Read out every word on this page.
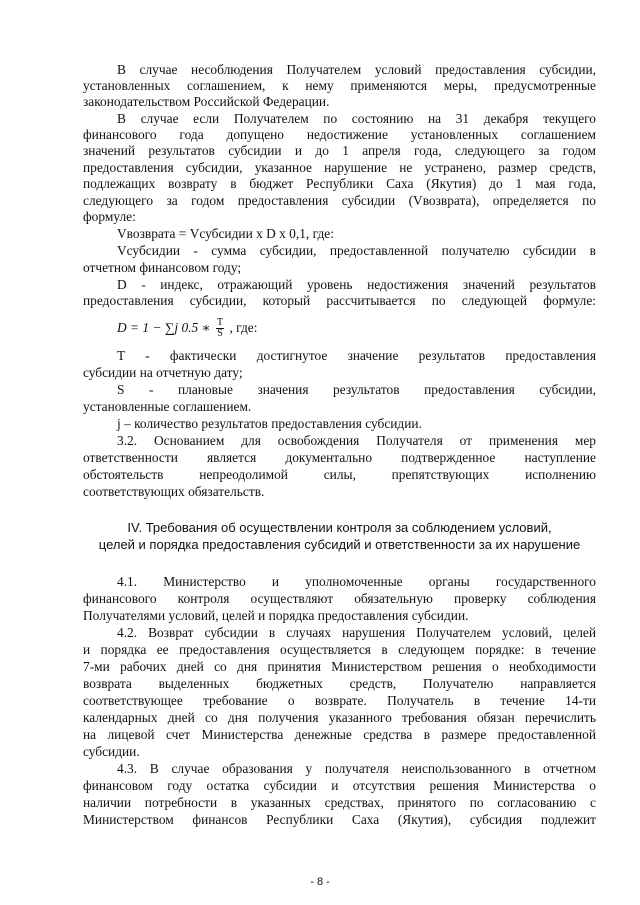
В случае несоблюдения Получателем условий предоставления субсидии,
установленных соглашением, к нему применяются меры, предусмотренные
законодательством Российской Федерации.
В случае если Получателем по состоянию на 31 декабря текущего
финансового года допущено недостижение установленных соглашением
значений результатов субсидии и до 1 апреля года, следующего за годом
предоставления субсидии, указанное нарушение не устранено, размер средств,
подлежащих возврату в бюджет Республики Саха (Якутия) до 1 мая года,
следующего за годом предоставления субсидии (Vвозврата), определяется по
формуле:
Vвозврата = Vсубсидии x D x 0,1, где:
Vсубсидии - сумма субсидии, предоставленной получателю субсидии в
отчетном финансовом году;
D - индекс, отражающий уровень недостижения значений результатов
предоставления субсидии, который рассчитывается по следующей формуле:
D = 1 − ∑j 0.5 ∗ $\frac{T}{S}$ , где:
T - фактически достигнутое значение результатов предоставления
субсидии на отчетную дату;
S - плановые значения результатов предоставления субсидии,
установленные соглашением.
j – количество результатов предоставления субсидии.
3.2. Основанием для освобождения Получателя от применения мер
ответственности является документально подтвержденное наступление
обстоятельств непреодолимой силы, препятствующих исполнению
соответствующих обязательств.
IV. Требования об осуществлении контроля за соблюдением условий,
целей и порядка предоставления субсидий и ответственности за их нарушение
4.1. Министерство и уполномоченные органы государственного
финансового контроля осуществляют обязательную проверку соблюдения
Получателями условий, целей и порядка предоставления субсидии.
4.2. Возврат субсидии в случаях нарушения Получателем условий, целей
и порядка ее предоставления осуществляется в следующем порядке: в течение
7-ми рабочих дней со дня принятия Министерством решения о необходимости
возврата выделенных бюджетных средств, Получателю направляется
соответствующее требование о возврате. Получатель в течение 14-ти
календарных дней со дня получения указанного требования обязан перечислить
на лицевой счет Министерства денежные средства в размере предоставленной
субсидии.
4.3. В случае образования у получателя неиспользованного в отчетном
финансовом году остатка субсидии и отсутствия решения Министерства о
наличии потребности в указанных средствах, принятого по согласованию с
Министерством финансов Республики Саха (Якутия), субсидия подлежит
- 8 -
